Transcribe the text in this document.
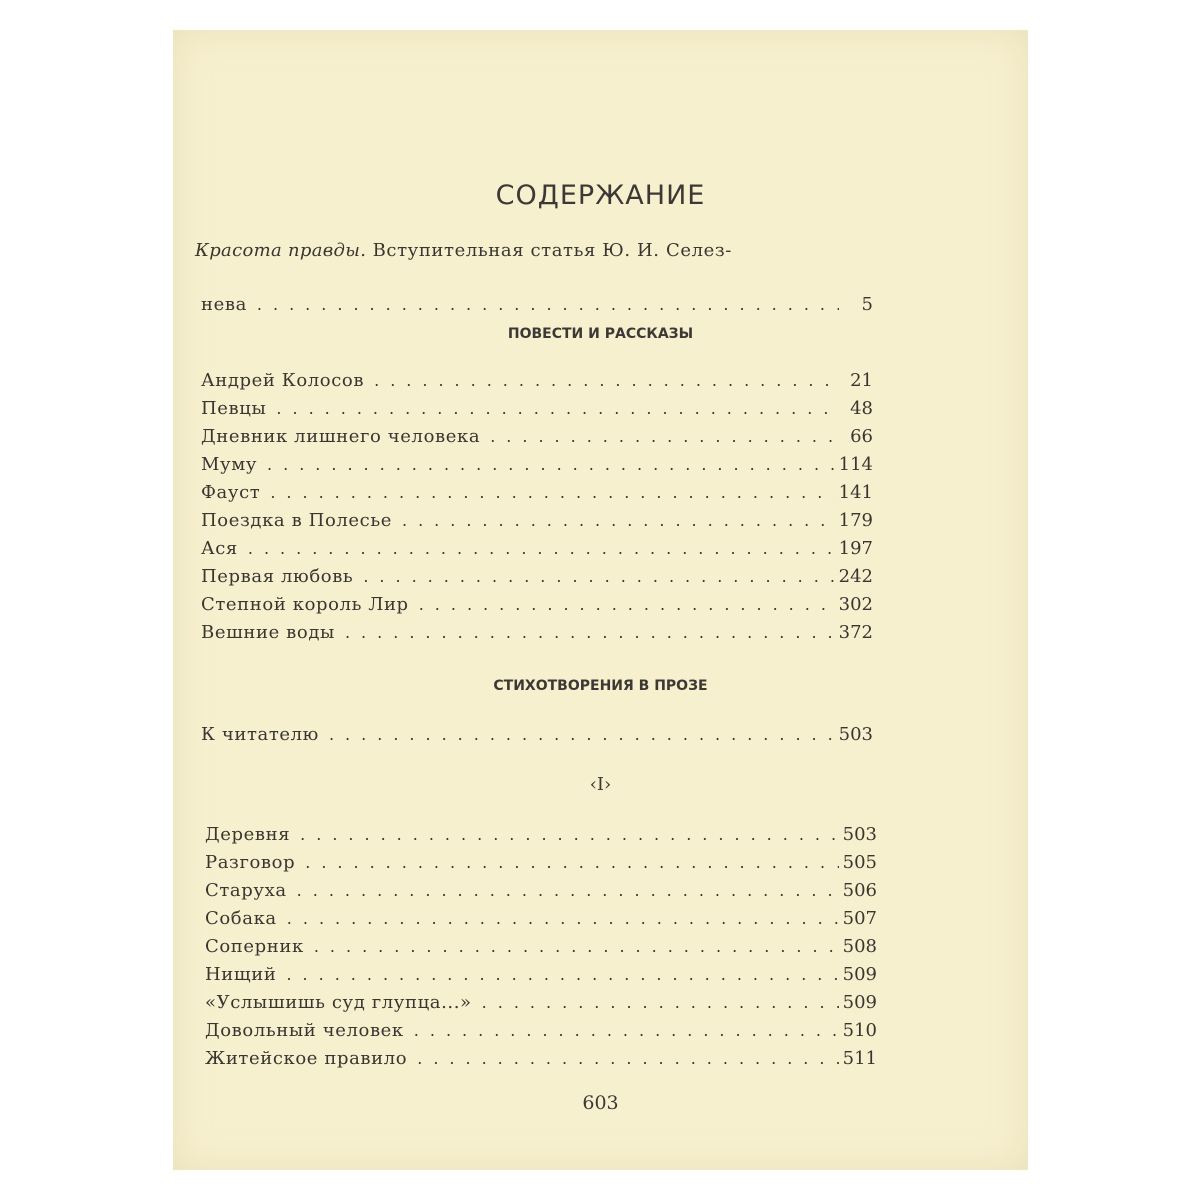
СОДЕРЖАНИЕ
Красота правды. Вступительная статья Ю. И. Селез-
нева .....	5
ПОВЕСТИ И РАССКАЗЫ
Андрей Колосов .....	21
Певцы .....	48
Дневник лишнего человека .....	66
Муму .....	114
Фауст .....	141
Поездка в Полесье .....	179
Ася .....	197
Первая любовь .....	242
Степной король Лир .....	302
Вешние воды .....	372
СТИХОТВОРЕНИЯ В ПРОЗЕ
К читателю .....	503
‹I›
Деревня .....	503
Разговор .....	505
Старуха .....	506
Собака .....	507
Соперник .....	508
Нищий .....	509
«Услышишь суд глупца...» .....	509
Довольный человек .....	510
Житейское правило .....	511
603
